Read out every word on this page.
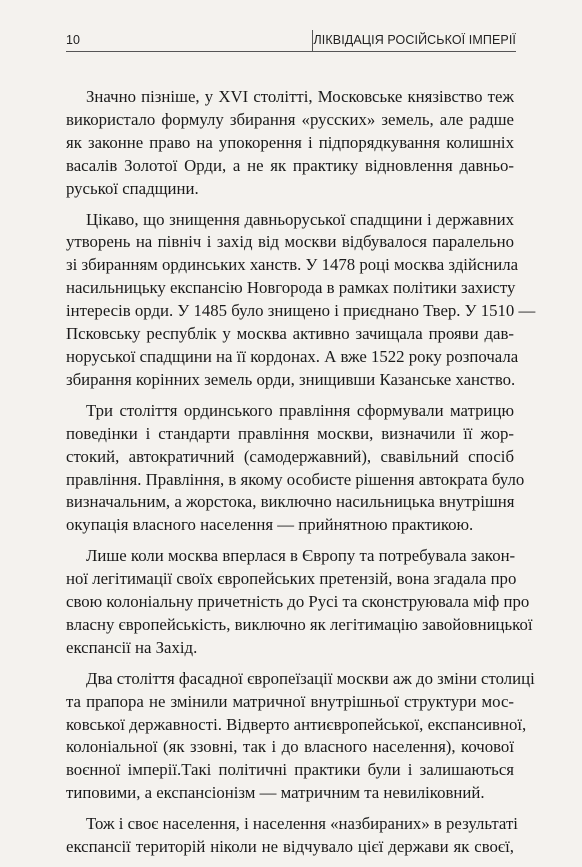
10	ЛІКВІДАЦІЯ РОСІЙСЬКОЇ ІМПЕРІЇ
Значно пізніше, у XVI столітті, Московське князівство теж
використало формулу збирання «русских» земель, але радше
як законне право на упокорення і підпорядкування колишніх
васалів Золотої Орди, а не як практику відновлення давньо-
руської спадщини.
Цікаво, що знищення давньоруської спадщини і державних
утворень на північ і захід від москви відбувалося паралельно
зі збиранням ординських ханств. У 1478 році москва здійснила
насильницьку експансію Новгорода в рамках політики захисту
інтересів орди. У 1485 було знищено і приєднано Твер. У 1510 —
Псковську республік у москва активно зачищала прояви дав-
норуської спадщини на її кордонах. А вже 1522 року розпочала
збирання корінних земель орди, знищивши Казанське ханство.
Три століття ординського правління сформували матрицю
поведінки і стандарти правління москви, визначили її жор-
стокий, автократичний (самодержавний), свавільний спосіб
правління. Правління, в якому особисте рішення автократа було
визначальним, а жорстока, виключно насильницька внутрішня
окупація власного населення — прийнятною практикою.
Лише коли москва вперлася в Європу та потребувала закон-
ної легітимації своїх європейських претензій, вона згадала про
свою колоніальну причетність до Русі та сконструювала міф про
власну європейськість, виключно як легітимацію завойовницької
експансії на Захід.
Два століття фасадної європеїзації москви аж до зміни столиці
та прапора не змінили матричної внутрішньої структури мос-
ковської державності. Відверто антиєвропейської, експансивної,
колоніальної (як ззовні, так і до власного населення), кочової
воєнної імперії.Такі політичні практики були і залишаються
типовими, а експансіонізм — матричним та невиліковний.
Тож і своє населення, і населення «назбираних» в результаті
експансії територій ніколи не відчувало цієї держави як своєї,
